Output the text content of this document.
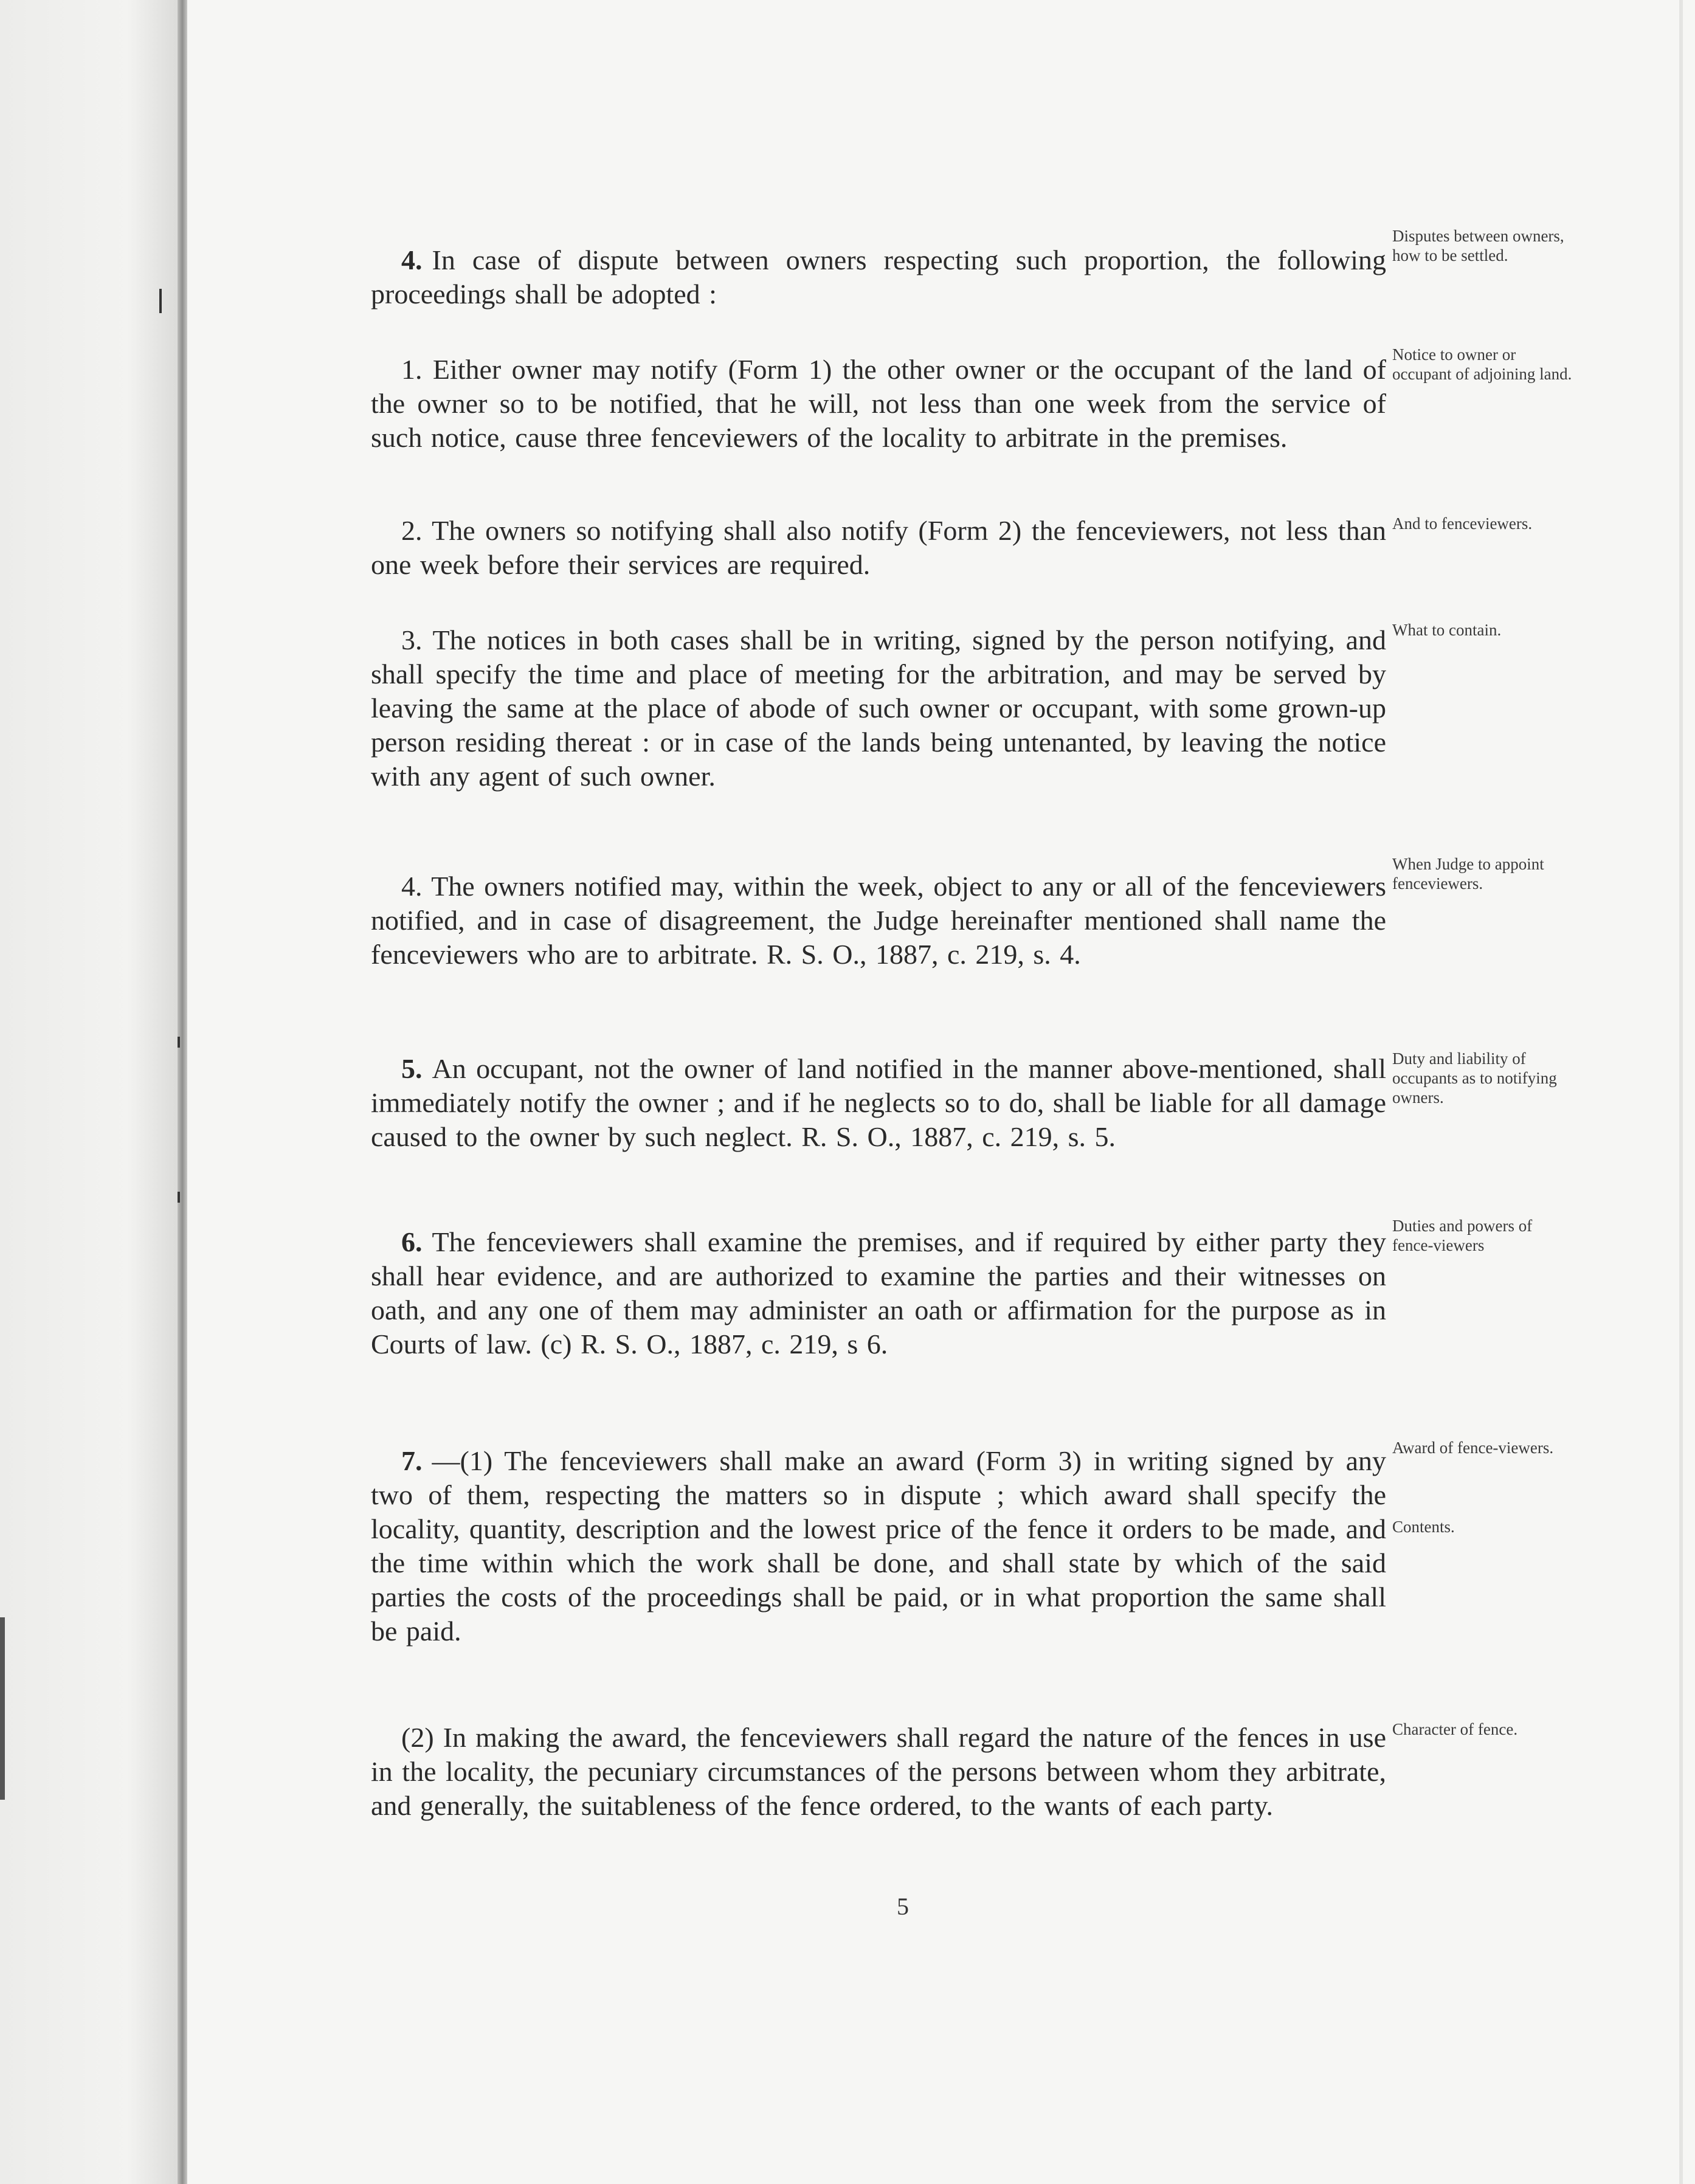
4. In case of dispute between owners respecting such proportion, the following proceedings shall be adopted :
Disputes between owners, how to be settled.
1. Either owner may notify (Form 1) the other owner or the occupant of the land of the owner so to be notified, that he will, not less than one week from the service of such notice, cause three fenceviewers of the locality to arbitrate in the premises.
Notice to owner or occupant of adjoining land.
2. The owners so notifying shall also notify (Form 2) the fenceviewers, not less than one week before their services are required.
And to fenceviewers.
3. The notices in both cases shall be in writing, signed by the person notifying, and shall specify the time and place of meeting for the arbitration, and may be served by leaving the same at the place of abode of such owner or occupant, with some grown-up person residing thereat : or in case of the lands being untenanted, by leaving the notice with any agent of such owner.
What to contain.
4. The owners notified may, within the week, object to any or all of the fenceviewers notified, and in case of disagreement, the Judge hereinafter mentioned shall name the fenceviewers who are to arbitrate. R. S. O., 1887, c. 219, s. 4.
When Judge to appoint fenceviewers.
5. An occupant, not the owner of land notified in the manner above-mentioned, shall immediately notify the owner ; and if he neglects so to do, shall be liable for all damage caused to the owner by such neglect. R. S. O., 1887, c. 219, s. 5.
Duty and liability of occupants as to notifying owners.
6. The fenceviewers shall examine the premises, and if required by either party they shall hear evidence, and are authorized to examine the parties and their witnesses on oath, and any one of them may administer an oath or affirmation for the purpose as in Courts of law. (c) R. S. O., 1887, c. 219, s 6.
Duties and powers of fence-viewers
7. —(1) The fenceviewers shall make an award (Form 3) in writing signed by any two of them, respecting the matters so in dispute ; which award shall specify the locality, quantity, description and the lowest price of the fence it orders to be made, and the time within which the work shall be done, and shall state by which of the said parties the costs of the proceedings shall be paid, or in what proportion the same shall be paid.
Award of fence-viewers.
Contents.
(2) In making the award, the fenceviewers shall regard the nature of the fences in use in the locality, the pecuniary circumstances of the persons between whom they arbitrate, and generally, the suitableness of the fence ordered, to the wants of each party.
Character of fence.
5
